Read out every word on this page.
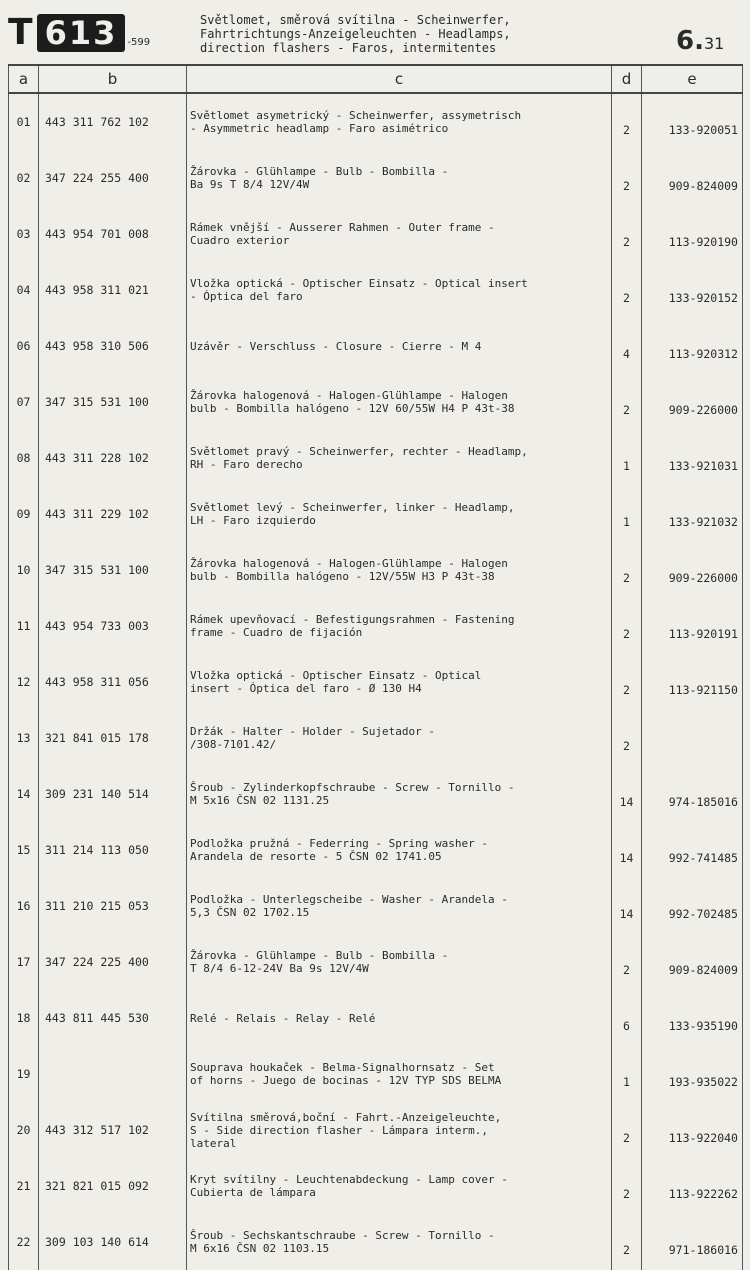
T 613	-599
Světlomet, směrová svítilna - Scheinwerfer,
Fahrtrichtungs-Anzeigeleuchten - Headlamps,
direction flashers - Faros, intermitentes	6.31
a	b	c	d	e
01	443 311 762 102	Světlomet asymetrický - Scheinwerfer, assymetrisch
- Asymmetric headlamp - Faro asimétrico	2	133-920051
02	347 224 255 400	Žárovka - Glühlampe - Bulb - Bombilla -
Ba 9s T 8/4 12V/4W	2	909-824009
03	443 954 701 008	Rámek vnější - Ausserer Rahmen - Outer frame -
Cuadro exterior	2	113-920190
04	443 958 311 021	Vložka optická - Optischer Einsatz - Optical insert
- Óptica del faro	2	133-920152
06	443 958 310 506	Uzávěr - Verschluss - Closure - Cierre - M 4	4	113-920312
07	347 315 531 100	Žárovka halogenová - Halogen-Glühlampe - Halogen
bulb - Bombilla halógeno - 12V 60/55W H4 P 43t-38	2	909-226000
08	443 311 228 102	Světlomet pravý - Scheinwerfer, rechter - Headlamp,
RH - Faro derecho	1	133-921031
09	443 311 229 102	Světlomet levý - Scheinwerfer, linker - Headlamp,
LH - Faro izquierdo	1	133-921032
10	347 315 531 100	Žárovka halogenová - Halogen-Glühlampe - Halogen
bulb - Bombilla halógeno - 12V/55W H3 P 43t-38	2	909-226000
11	443 954 733 003	Rámek upevňovací - Befestigungsrahmen - Fastening
frame - Cuadro de fijación	2	113-920191
12	443 958 311 056	Vložka optická - Optischer Einsatz - Optical
insert - Óptica del faro - Ø 130 H4	2	113-921150
13	321 841 015 178	Držák - Halter - Holder - Sujetador -
/308-7101.42/	2	
14	309 231 140 514	Šroub - Zylinderkopfschraube - Screw - Tornillo -
M 5x16 ČSN 02 1131.25	14	974-185016
15	311 214 113 050	Podložka pružná - Federring - Spring washer -
Arandela de resorte - 5 ČSN 02 1741.05	14	992-741485
16	311 210 215 053	Podložka - Unterlegscheibe - Washer - Arandela -
5,3 ČSN 02 1702.15	14	992-702485
17	347 224 225 400	Žárovka - Glühlampe - Bulb - Bombilla -
T 8/4 6-12-24V Ba 9s 12V/4W	2	909-824009
18	443 811 445 530	Relé - Relais - Relay - Relé	6	133-935190
19		Souprava houkaček - Belma-Signalhornsatz - Set
of horns - Juego de bocinas - 12V TYP SDS BELMA	1	193-935022
20	443 312 517 102	Svítilna směrová,boční - Fahrt.-Anzeigeleuchte,
S - Side direction flasher - Lámpara interm.,
lateral	2	113-922040
21	321 821 015 092	Kryt svítilny - Leuchtenabdeckung - Lamp cover -
Cubierta de lámpara	2	113-922262
22	309 103 140 614	Šroub - Sechskantschraube - Screw - Tornillo -
M 6x16 ČSN 02 1103.15	2	971-186016
